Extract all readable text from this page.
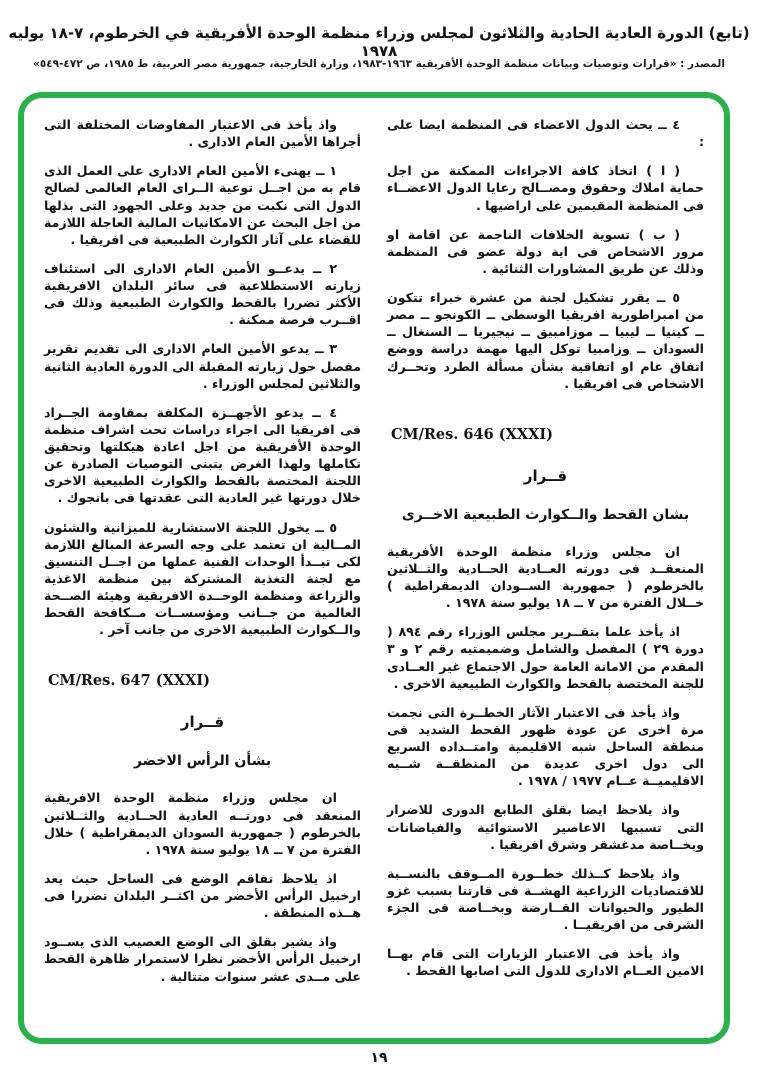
(تابع) الدورة العادية الحادية والثلاثون لمجلس وزراء منظمة الوحدة الأفريقية في الخرطوم، ٧-١٨ يوليه ١٩٧٨
المصدر : «قرارات وتوصيات وبيانات منظمة الوحدة الأفريقية ١٩٦٣-١٩٨٣، وزارة الخارجية، جمهورية مصر العربية، ط ١٩٨٥، ص ٤٧٢-٥٤٩»

٤ ــ يحث الدول الاعضاء فى المنظمة ايضا على :

( ا ) اتخاذ كافة الاجراءات الممكنة من اجل حماية املاك وحقوق ومصــالح رعايا الدول الاعضــاء فى المنظمة المقيمين على اراضيها .

( ب ) تسوية الخلافات الناجمة عن اقامة او مرور الاشخاص فى اية دولة عضو فى المنظمة وذلك عن طريق المشاورات الثنائية .

٥ ــ يقرر تشكيل لجنة من عشرة خبراء تتكون من امبراطورية افريقيا الوسطى ــ الكونجو ــ مصر ــ كينيا ــ ليبيا ــ موزامبيق ــ نيجيريا ــ السنغال ــ السودان ــ وزامبيا توكل اليها مهمة دراسة ووضع اتفاق عام او اتفاقية بشأن مسألة الطرد وتحــرك الاشخاص فى افريقيا .

CM/Res. 646 (XXXI)
قــرار
بشان القحط والــكوارث الطبيعية الاخــرى

ان مجلس وزراء منظمة الوحدة الأفريقية المنعقــد فى دورته العــادية الحــادية والثــلاثين بالخرطوم ( جمهورية الســودان الديمقراطية ) خــلال الفترة من ٧ ــ ١٨ يوليو سنة ١٩٧٨ .

اذ يأخذ علما بتقــرير مجلس الوزراء رقم ٨٩٤ ( دورة ٢٩ ) المفصل والشامل وضميمتيه رقم ٢ و ٣ المقدم من الامانة العامة حول الاجتماع غير العــادى للجنة المختصة بالقحط والكوارث الطبيعية الاخرى .

واذ يأخذ فى الاعتبار الآثار الخطــرة التى نجمت مرة اخرى عن عودة ظهور القحط الشديد فى منطقة الساحل شبه الاقليمية وامتــداده السريع الى دول اخرى عديدة من المنطقــة شــبه الاقليميــة عــام ١٩٧٧ / ١٩٧٨ .

واذ يلاحظ ايضا بقلق الطابع الدورى للاضرار التى تسببها الاعاصير الاستوائية والفياضانات وبخــاصة مدغشقر وشرق افريقيا .

واذ يلاحظ كــذلك خطــورة المــوقف بالنســبة للاقتصاديات الزراعية الهشــة فى قارتنا بسبب غزو الطيور والحيوانات القــارضة وبخــاصة فى الجزء الشرقى من افريقيــا .

واذ يأخذ فى الاعتبار الزيارات التى قام بهــا الامين العــام الادارى للدول التى اصابها القحط .

واذ يأخذ فى الاعتبار المفاوضات المختلفة التى أجراها الأمين العام الادارى .

١ ــ يهنىء الأمين العام الادارى على العمل الذى قام به من اجــل توعية الــراى العام العالمى لصالح الدول التى نكبت من جديد وعلى الجهود التى بذلها من اجل البحث عن الامكانيات المالية العاجلة اللازمة للقضاء على آثار الكوارث الطبيعية فى افريقيا .

٢ ــ يدعــو الأمين العام الادارى الى استئناف زيارته الاستطلاعية فى سائر البلدان الافريقية الأكثر تضررا بالقحط والكوارث الطبيعية وذلك فى اقــرب فرصة ممكنة .

٣ ــ يدعو الأمين العام الادارى الى تقديم تقرير مفصل حول زيارته المقبلة الى الدورة العادية الثانية والثلاثين لمجلس الوزراء .

٤ ــ يدعو الأجهــزة المكلفة بمقاومة الجــراد فى افريقيا الى اجراء دراسات تحت اشراف منظمة الوحدة الأفريقية من اجل اعادة هيكلتها وتحقيق تكاملها ولهذا الغرض يتبنى التوصيات الصادرة عن اللجنة المختصة بالقحط والكوارث الطبيعية الاخرى خلال دورتها غير العادية التى عقدتها فى بانجوك .

٥ ــ يخول اللجنة الاستشارية للميزانية والشئون المــالية ان تعتمد على وجه السرعة المبالغ اللازمة لكى تبــدأ الوحدات الفنية عملها من اجــل التنسيق مع لجنة التغذية المشتركة بين منظمة الاغذية والزراعة ومنظمة الوحــدة الافريقية وهيئة الصــحة العالمية من جــانب ومؤسســات مــكافحة القحط والــكوارث الطبيعية الاخرى من جانب آخر .

CM/Res. 647 (XXXI)
قــرار
بشأن الرأس الاخضر

ان مجلس وزراء منظمة الوحدة الافريقية المنعقد فى دورتــه العادية الحــادية والثــلاثين بالخرطوم ( جمهورية السودان الديمقراطية ) خلال الفترة من ٧ ــ ١٨ يوليو سنة ١٩٧٨ .

اذ يلاحظ تفاقم الوضع فى الساحل حيث يعد ارخبيل الرأس الأخضر من اكثــر البلدان تضررا فى هــذه المنطقة .

واذ يشير بقلق الى الوضع العصيب الذى يســود ارخبيل الرأس الأخضر نظرا لاستمرار ظاهرة القحط على مــدى عشر سنوات متتالية .

١٩
